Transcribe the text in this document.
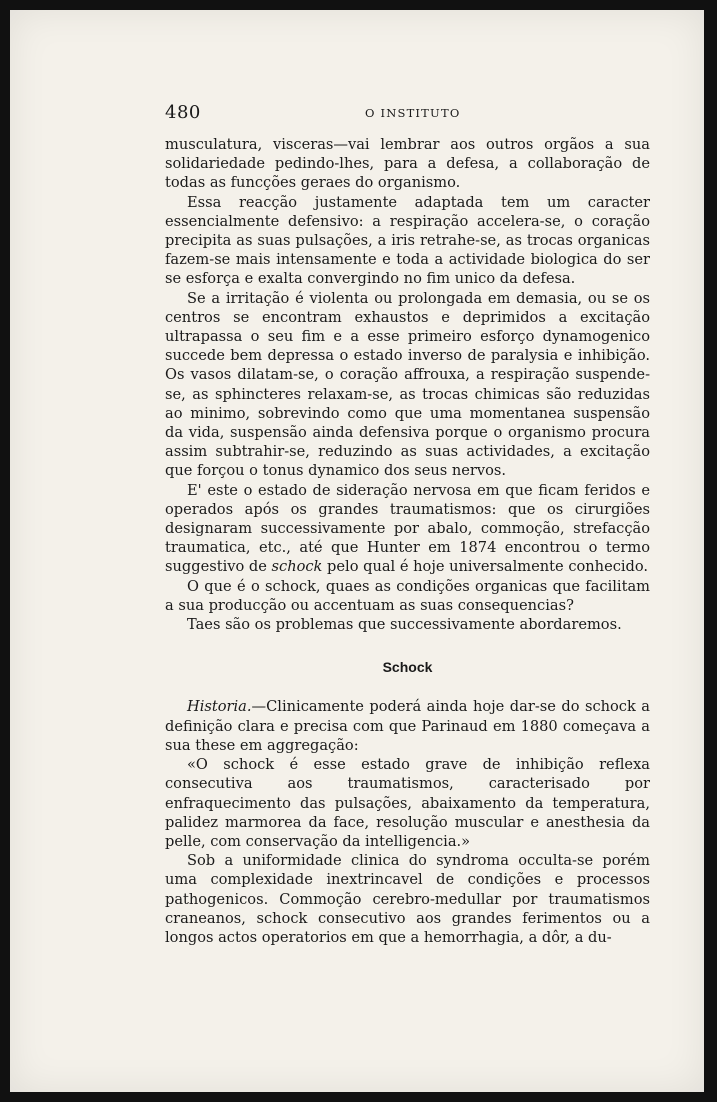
480	O INSTITUTO

musculatura, visceras—vai lembrar aos outros orgãos a sua solidariedade pedindo-lhes, para a defesa, a collaboração de todas as funcções geraes do organismo.

Essa reacção justamente adaptada tem um caracter essencialmente defensivo: a respiração accelera-se, o coração precipita as suas pulsações, a iris retrahe-se, as trocas organicas fazem-se mais intensamente e toda a actividade biologica do ser se esforça e exalta convergindo no fim unico da defesa.

Se a irritação é violenta ou prolongada em demasia, ou se os centros se encontram exhaustos e deprimidos a excitação ultrapassa o seu fim e a esse primeiro esforço dynamogenico succede bem depressa o estado inverso de paralysia e inhibição. Os vasos dilatam-se, o coração affrouxa, a respiração suspende-se, as sphincteres relaxam-se, as trocas chimicas são reduzidas ao minimo, sobrevindo como que uma momentanea suspensão da vida, suspensão ainda defensiva porque o organismo procura assim subtrahir-se, reduzindo as suas actividades, a excitação que forçou o tonus dynamico dos seus nervos.

E' este o estado de sideração nervosa em que ficam feridos e operados após os grandes traumatismos: que os cirurgiões designaram successivamente por abalo, commoção, strefacção traumatica, etc., até que Hunter em 1874 encontrou o termo suggestivo de schock pelo qual é hoje universalmente conhecido.

O que é o schock, quaes as condições organicas que facilitam a sua producção ou accentuam as suas consequencias?

Taes são os problemas que successivamente abordaremos.

Schock

Historia.—Clinicamente poderá ainda hoje dar-se do schock a definição clara e precisa com que Parinaud em 1880 começava a sua these em aggregação:

«O schock é esse estado grave de inhibição reflexa consecutiva aos traumatismos, caracterisado por enfraquecimento das pulsações, abaixamento da temperatura, palidez marmorea da face, resolução muscular e anesthesia da pelle, com conservação da intelligencia.»

Sob a uniformidade clinica do syndroma occulta-se porém uma complexidade inextrincavel de condições e processos pathogenicos. Commoção cerebro-medullar por traumatismos craneanos, schock consecutivo aos grandes ferimentos ou a longos actos operatorios em que a hemorrhagia, a dôr, a du-
